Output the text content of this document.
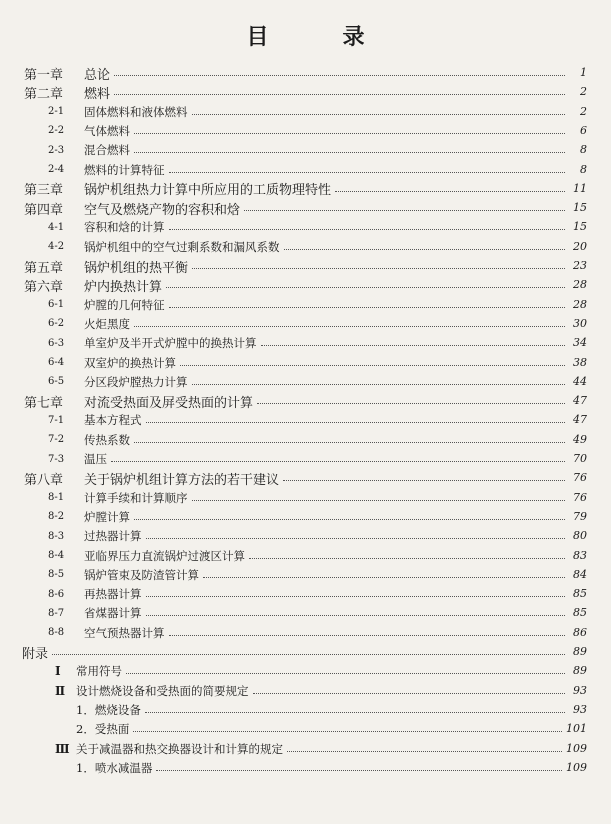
目　录
第一章 总论	1
第二章 燃料	2
2-1 固体燃料和液体燃料	2
2-2 气体燃料	6
2-3 混合燃料	8
2-4 燃料的计算特征	8
第三章 锅炉机组热力计算中所应用的工质物理特性	11
第四章 空气及燃烧产物的容积和焓	15
4-1 容积和焓的计算	15
4-2 锅炉机组中的空气过剩系数和漏风系数	20
第五章 锅炉机组的热平衡	23
第六章 炉内换热计算	28
6-1 炉膛的几何特征	28
6-2 火炬黑度	30
6-3 单室炉及半开式炉膛中的换热计算	34
6-4 双室炉的换热计算	38
6-5 分区段炉膛热力计算	44
第七章 对流受热面及屏受热面的计算	47
7-1 基本方程式	47
7-2 传热系数	49
7-3 温压	70
第八章 关于锅炉机组计算方法的若干建议	76
8-1 计算手续和计算顺序	76
8-2 炉膛计算	79
8-3 过热器计算	80
8-4 亚临界压力直流锅炉过渡区计算	83
8-5 锅炉管束及防渣管计算	84
8-6 再热器计算	85
8-7 省煤器计算	85
8-8 空气预热器计算	86
附录	89
Ⅰ 常用符号	89
Ⅱ 设计燃烧设备和受热面的简要规定	93
1．燃烧设备	93
2．受热面	101
Ⅲ 关于减温器和热交换器设计和计算的规定	109
1．喷水减温器	109
